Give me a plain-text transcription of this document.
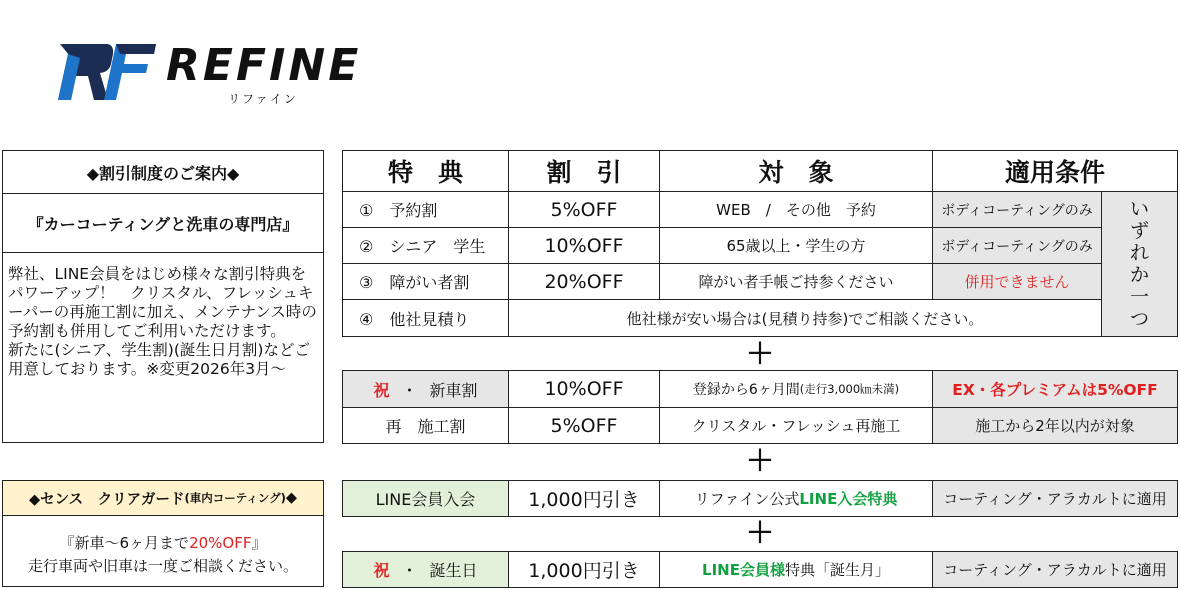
REFINE
リファイン
◆割引制度のご案内◆
『カーコーティングと洗車の専門店』
弊社、LINE会員をはじめ様々な割引特典をパワーアップ！　クリスタル、フレッシュキーパーの再施工割に加え、メンテナンス時の予約割も併用してご利用いただけます。　　　　　　新たに(シニア、学生割)(誕生日月割)などご用意しております。※変更2026年3月～
◆センス　クリアガード (車内コーティング) ◆
『新車～6ヶ月まで20%OFF』
走行車両や旧車は一度ご相談ください。
特　典	割　引	対　象	適用条件
①　予約割	5%OFF	WEB　/　その他　予約	ボディコーティングのみ
②　シニア　学生	10%OFF	65歳以上・学生の方	ボディコーティングのみ
③　障がい者割	20%OFF	障がい者手帳ご持参ください	併用できません
④　他社見積り	他社様が安い場合は(見積り持参)でご相談ください。
い
ず
れ
か
一
つ
＋
祝 ・ 新車割	10%OFF	登録から6ヶ月間 (走行3,000㎞未満)	EX・各プレミアムは5%OFF
再　施工割	5%OFF	クリスタル・フレッシュ再施工	施工から2年以内が対象
＋
LINE会員入会	1,000円引き	リファイン公式 LINE入会特典	コーティング・アラカルトに適用
＋
祝 ・ 誕生日	1,000円引き	LINE会員様 特典「誕生月」	コーティング・アラカルトに適用
